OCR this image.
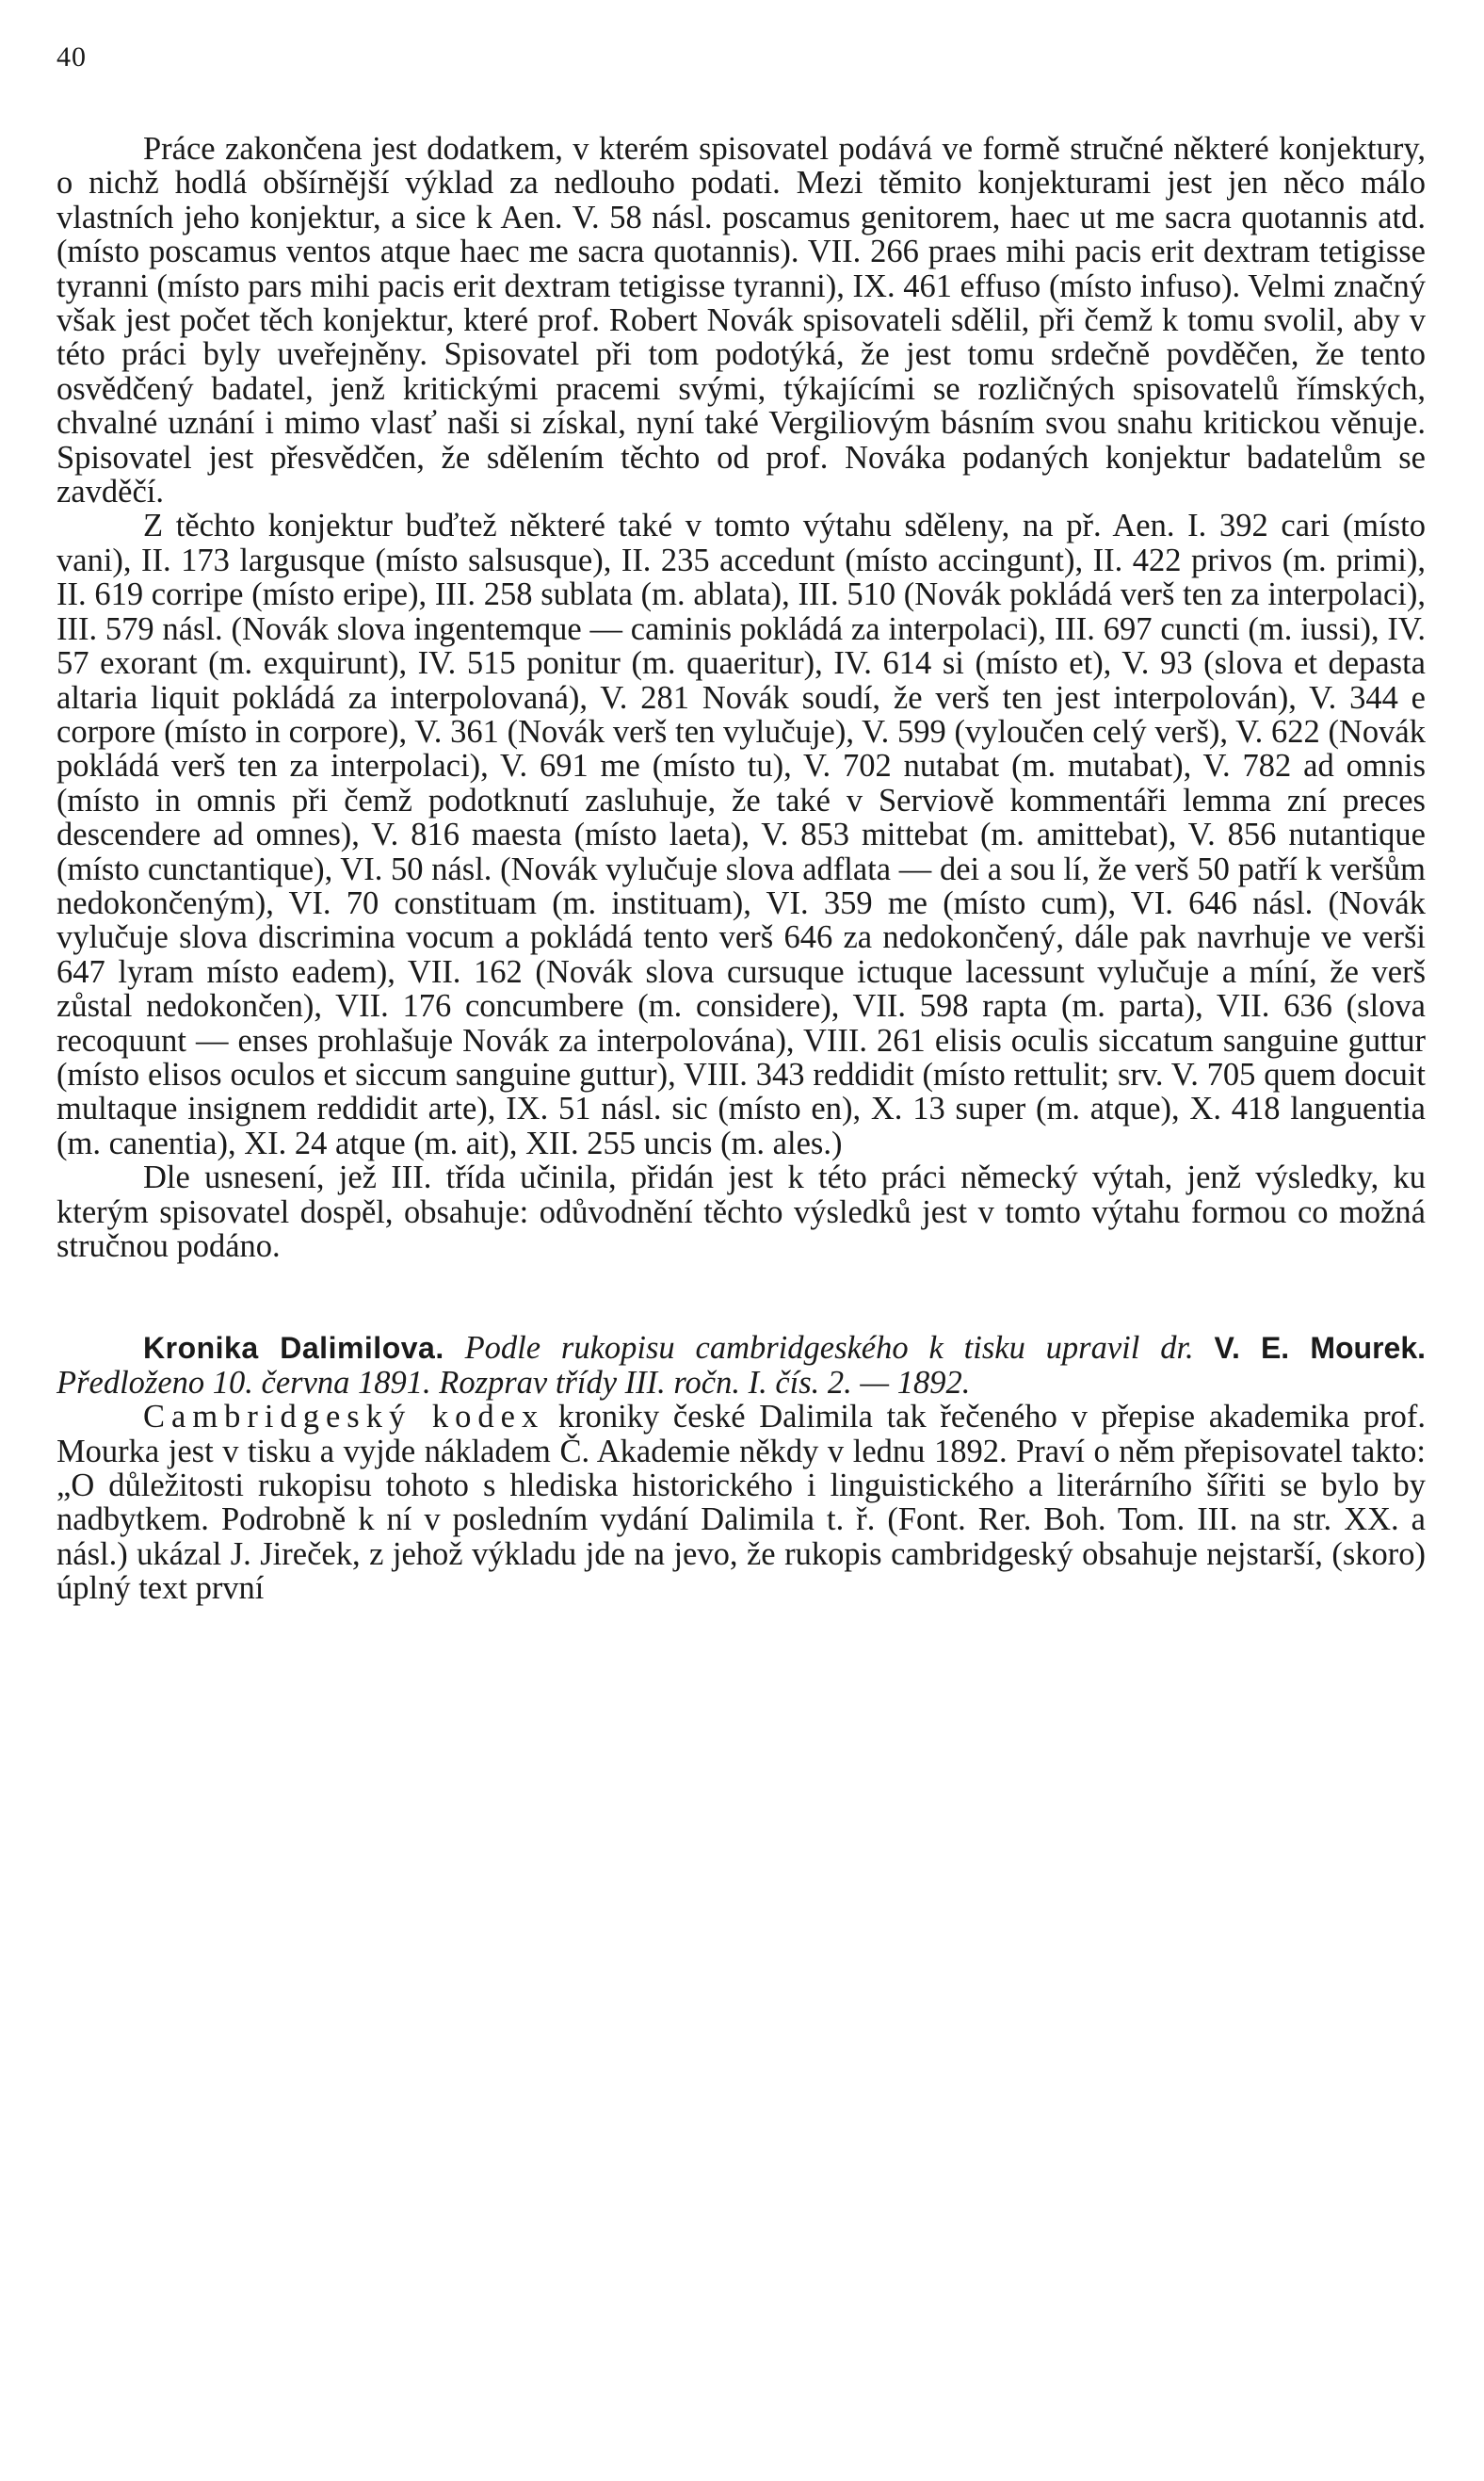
40

Práce zakončena jest dodatkem, v kterém spisovatel podává ve formě stručné některé konjektury, o nichž hodlá obšírnější výklad za nedlouho podati. Mezi těmito konjekturami jest jen něco málo vlastních jeho konjektur, a sice k Aen. V. 58 násl. poscamus genitorem, haec ut me sacra quotannis atd. (místo poscamus ventos atque haec me sacra quotannis). VII. 266 praes mihi pacis erit dextram tetigisse tyranni (místo pars mihi pacis erit dextram tetigisse tyranni), IX. 461 effuso (místo infuso). Velmi značný však jest počet těch konjektur, které prof. Robert Novák spisovateli sdělil, při čemž k tomu svolil, aby v této práci byly uveřejněny. Spisovatel při tom podotýká, že jest tomu srdečně povděčen, že tento osvědčený badatel, jenž kritickými pracemi svými, týkajícími se rozličných spisovatelů římských, chvalné uznání i mimo vlasť naši si získal, nyní také Vergiliovým básním svou snahu kritickou věnuje. Spisovatel jest přesvědčen, že sdělením těchto od prof. Nováka podaných konjektur badatelům se zavděčí.

Z těchto konjektur buďtež některé také v tomto výtahu sděleny, na př. Aen. I. 392 cari (místo vani), II. 173 largusque (místo salsusque), II. 235 accedunt (místo accingunt), II. 422 privos (m. primi), II. 619 corripe (místo eripe), III. 258 sublata (m. ablata), III. 510 (Novák pokládá verš ten za interpolaci), III. 579 násl. (Novák slova ingentemque — caminis pokládá za interpolaci), III. 697 cuncti (m. iussi), IV. 57 exorant (m. exquirunt), IV. 515 ponitur (m. quaeritur), IV. 614 si (místo et), V. 93 (slova et depasta altaria liquit pokládá za interpolovaná), V. 281 Novák soudí, že verš ten jest interpolován), V. 344 e corpore (místo in corpore), V. 361 (Novák verš ten vylučuje), V. 599 (vyloučen celý verš), V. 622 (Novák pokládá verš ten za interpolaci), V. 691 me (místo tu), V. 702 nutabat (m. mutabat), V. 782 ad omnis (místo in omnis při čemž podotknutí zasluhuje, že také v Serviově kommentáři lemma zní preces descendere ad omnes), V. 816 maesta (místo laeta), V. 853 mittebat (m. amittebat), V. 856 nutantique (místo cunctantique), VI. 50 násl. (Novák vylučuje slova adflata — dei a sou lí, že verš 50 patří k veršům nedokončeným), VI. 70 constituam (m. instituam), VI. 359 me (místo cum), VI. 646 násl. (Novák vylučuje slova discrimina vocum a pokládá tento verš 646 za nedokončený, dále pak navrhuje ve verši 647 lyram místo eadem), VII. 162 (Novák slova cursuque ictuque lacessunt vylučuje a míní, že verš zůstal nedokončen), VII. 176 concumbere (m. considere), VII. 598 rapta (m. parta), VII. 636 (slova recoquunt — enses prohlašuje Novák za interpolována), VIII. 261 elisis oculis siccatum sanguine guttur (místo elisos oculos et siccum sanguine guttur), VIII. 343 reddidit (místo rettulit; srv. V. 705 quem docuit multaque insignem reddidit arte), IX. 51 násl. sic (místo en), X. 13 super (m. atque), X. 418 languentia (m. canentia), XI. 24 atque (m. ait), XII. 255 uncis (m. ales.)

Dle usnesení, jež III. třída učinila, přidán jest k této práci německý výtah, jenž výsledky, ku kterým spisovatel dospěl, obsahuje: odůvodnění těchto výsledků jest v tomto výtahu formou co možná stručnou podáno.

Kronika Dalimilova. Podle rukopisu cambridgeského k tisku upravil dr. V. E. Mourek. Předloženo 10. června 1891. Rozprav třídy III. ročn. I. čís. 2. — 1892.

Cambridgeský kodex kroniky české Dalimila tak řečeného v přepise akademika prof. Mourka jest v tisku a vyjde nákladem Č. Akademie někdy v lednu 1892. Praví o něm přepisovatel takto: „O důležitosti rukopisu tohoto s hlediska historického i linguistického a literárního šířiti se bylo by nadbytkem. Podrobně k ní v posledním vydání Dalimila t. ř. (Font. Rer. Boh. Tom. III. na str. XX. a násl.) ukázal J. Jireček, z jehož výkladu jde na jevo, že rukopis cambridgeský obsahuje nejstarší, (skoro) úplný text první
